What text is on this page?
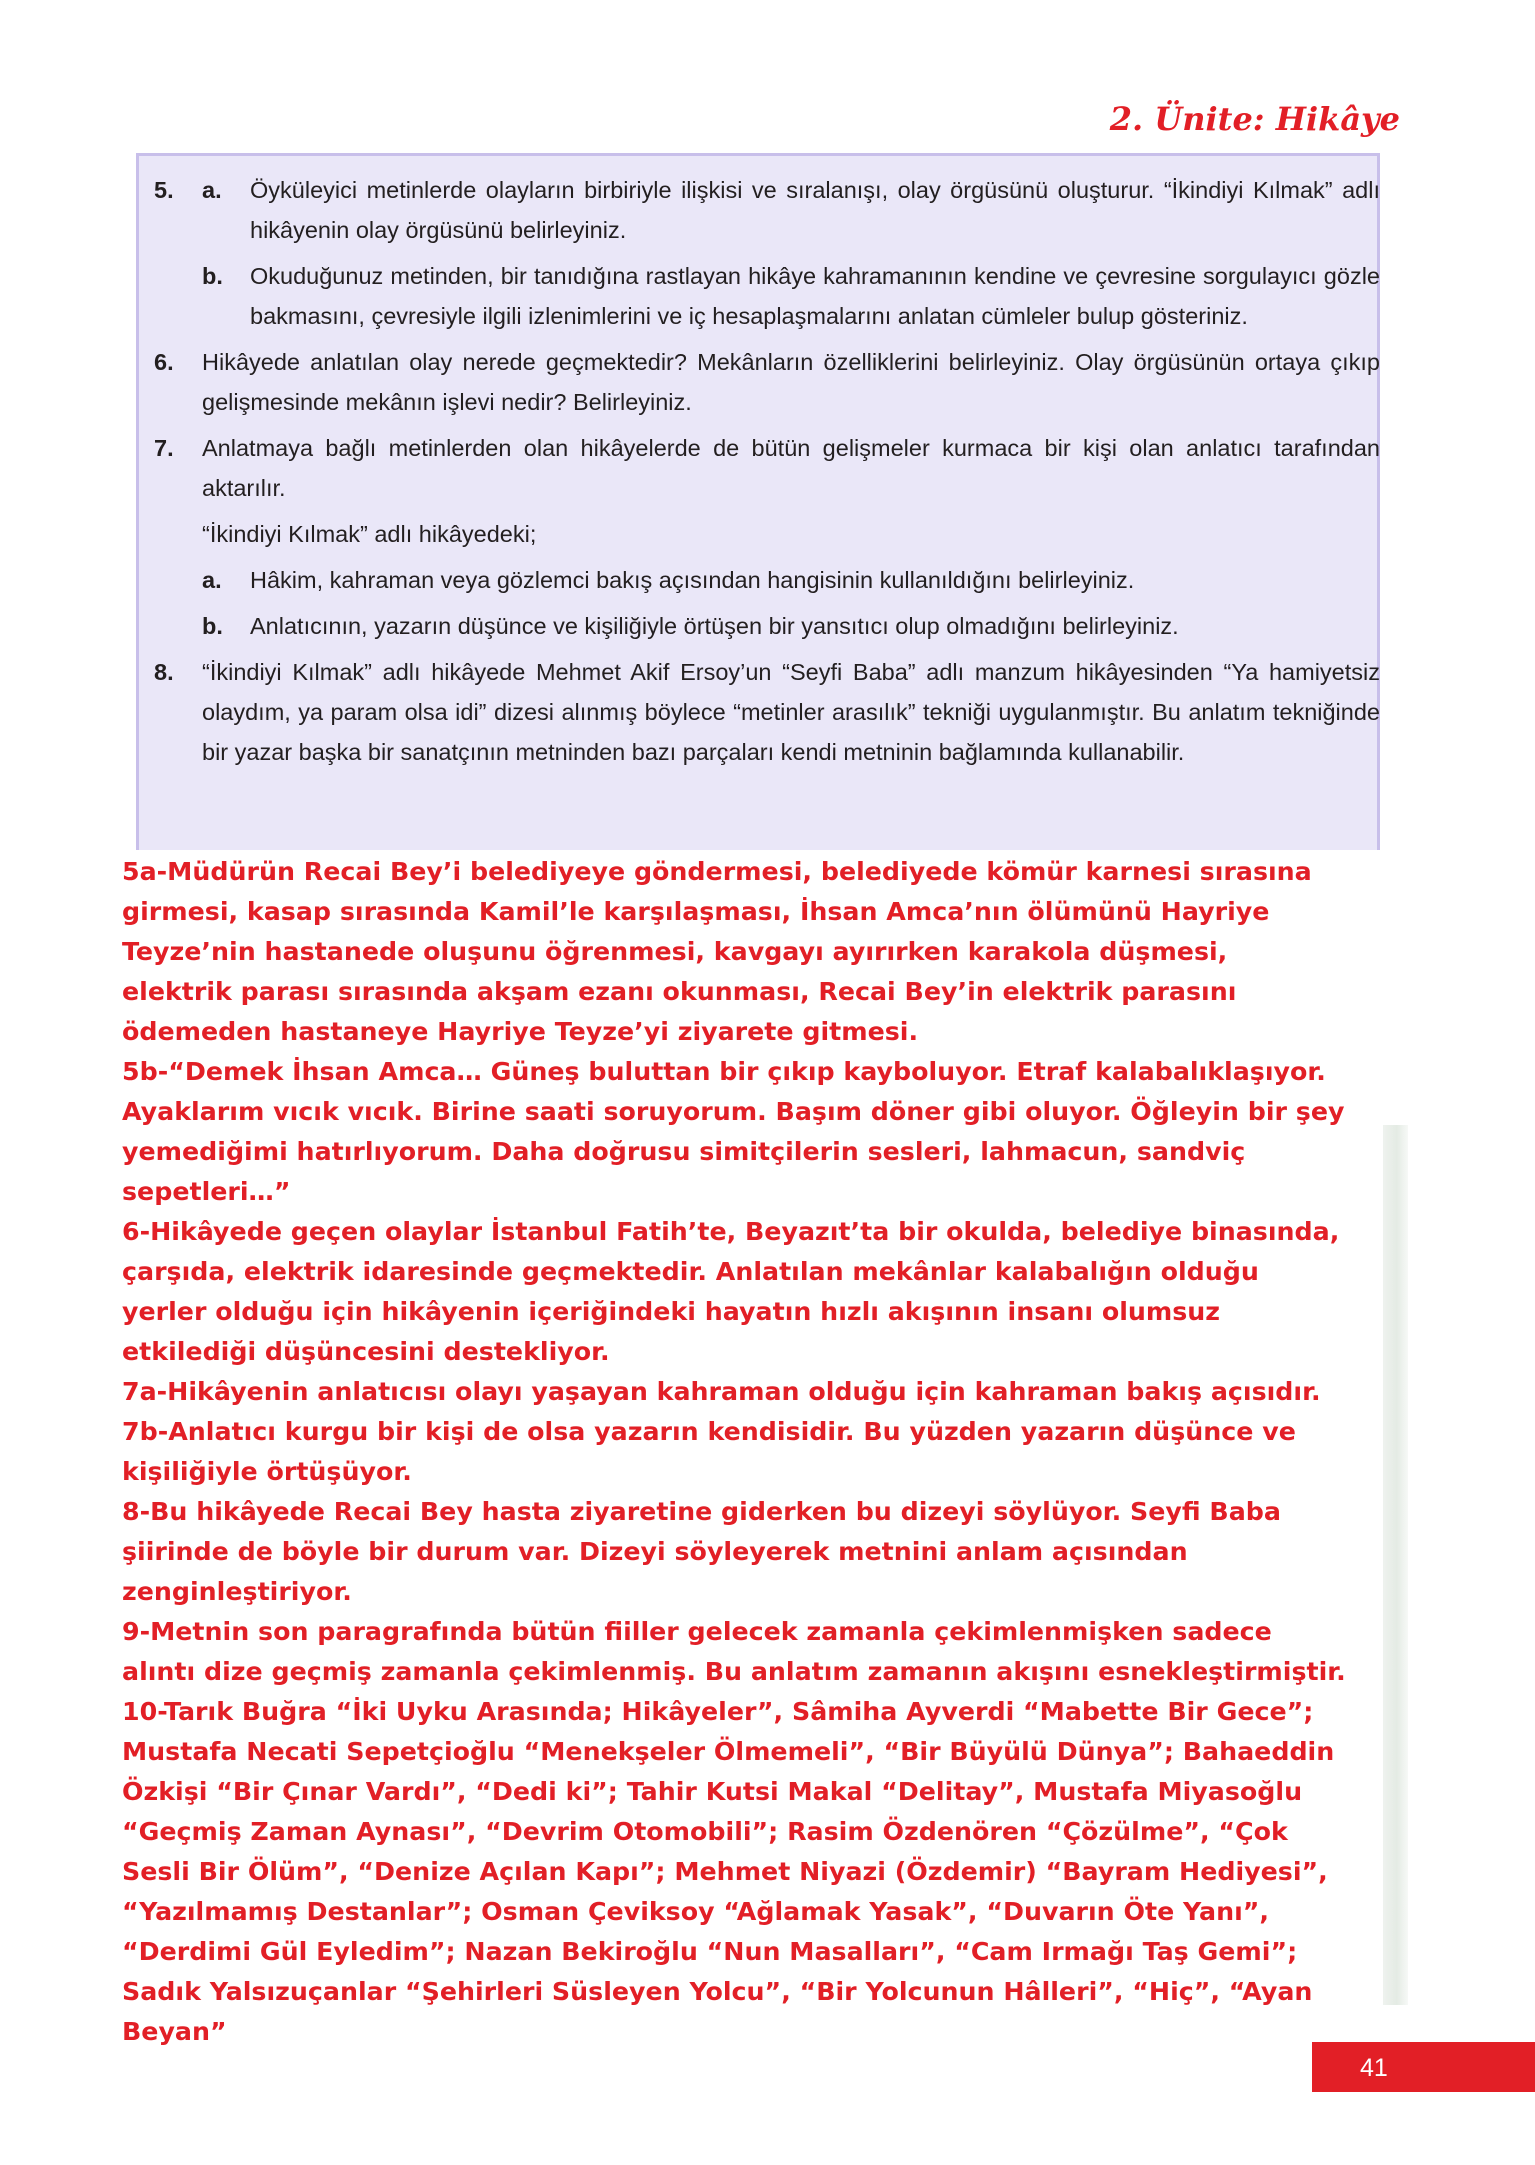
2. Ünite: Hikâye
5. a. Öyküleyici metinlerde olayların birbiriyle ilişkisi ve sıralanışı, olay örgüsünü oluşturur. “İkindiyi Kılmak” adlı hikâyenin olay örgüsünü belirleyiniz.
b. Okuduğunuz metinden, bir tanıdığına rastlayan hikâye kahramanının kendine ve çevresine sorgulayıcı gözle bakmasını, çevresiyle ilgili izlenimlerini ve iç hesaplaşmalarını anlatan cümleler bulup gösteriniz.
6. Hikâyede anlatılan olay nerede geçmektedir? Mekânların özelliklerini belirleyiniz. Olay örgüsünün ortaya çıkıp gelişmesinde mekânın işlevi nedir? Belirleyiniz.
7. Anlatmaya bağlı metinlerden olan hikâyelerde de bütün gelişmeler kurmaca bir kişi olan anlatıcı tarafından aktarılır.
“İkindiyi Kılmak” adlı hikâyedeki;
a. Hâkim, kahraman veya gözlemci bakış açısından hangisinin kullanıldığını belirleyiniz.
b. Anlatıcının, yazarın düşünce ve kişiliğiyle örtüşen bir yansıtıcı olup olmadığını belirleyiniz.
8. “İkindiyi Kılmak” adlı hikâyede Mehmet Akif Ersoy’un “Seyfi Baba” adlı manzum hikâyesinden “Ya hamiyetsiz olaydım, ya param olsa idi” dizesi alınmış böylece “metinler arasılık” tekniği uygulanmıştır. Bu anlatım tekniğinde bir yazar başka bir sanatçının metninden bazı parçaları kendi metninin bağlamında kullanabilir.
5a-Müdürün Recai Bey’i belediyeye göndermesi, belediyede kömür karnesi sırasına
girmesi, kasap sırasında Kamil’le karşılaşması, İhsan Amca’nın ölümünü Hayriye
Teyze’nin hastanede oluşunu öğrenmesi, kavgayı ayırırken karakola düşmesi,
elektrik parası sırasında akşam ezanı okunması, Recai Bey’in elektrik parasını
ödemeden hastaneye Hayriye Teyze’yi ziyarete gitmesi.
5b-“Demek İhsan Amca… Güneş buluttan bir çıkıp kayboluyor. Etraf kalabalıklaşıyor.
Ayaklarım vıcık vıcık. Birine saati soruyorum. Başım döner gibi oluyor. Öğleyin bir şey
yemediğimi hatırlıyorum. Daha doğrusu simitçilerin sesleri, lahmacun, sandviç
sepetleri…”
6-Hikâyede geçen olaylar İstanbul Fatih’te, Beyazıt’ta bir okulda, belediye binasında,
çarşıda, elektrik idaresinde geçmektedir. Anlatılan mekânlar kalabalığın olduğu
yerler olduğu için hikâyenin içeriğindeki hayatın hızlı akışının insanı olumsuz
etkilediği düşüncesini destekliyor.
7a-Hikâyenin anlatıcısı olayı yaşayan kahraman olduğu için kahraman bakış açısıdır.
7b-Anlatıcı kurgu bir kişi de olsa yazarın kendisidir. Bu yüzden yazarın düşünce ve
kişiliğiyle örtüşüyor.
8-Bu hikâyede Recai Bey hasta ziyaretine giderken bu dizeyi söylüyor. Seyfi Baba
şiirinde de böyle bir durum var. Dizeyi söyleyerek metnini anlam açısından
zenginleştiriyor.
9-Metnin son paragrafında bütün fiiller gelecek zamanla çekimlenmişken sadece
alıntı dize geçmiş zamanla çekimlenmiş. Bu anlatım zamanın akışını esnekleştirmiştir.
10-Tarık Buğra “İki Uyku Arasında; Hikâyeler”, Sâmiha Ayverdi “Mabette Bir Gece”;
Mustafa Necati Sepetçioğlu “Menekşeler Ölmemeli”, “Bir Büyülü Dünya”; Bahaeddin
Özkişi “Bir Çınar Vardı”, “Dedi ki”; Tahir Kutsi Makal “Delitay”, Mustafa Miyasoğlu
“Geçmiş Zaman Aynası”, “Devrim Otomobili”; Rasim Özdenören “Çözülme”, “Çok
Sesli Bir Ölüm”, “Denize Açılan Kapı”; Mehmet Niyazi (Özdemir) “Bayram Hediyesi”,
“Yazılmamış Destanlar”; Osman Çeviksoy “Ağlamak Yasak”, “Duvarın Öte Yanı”,
“Derdimi Gül Eyledim”; Nazan Bekiroğlu “Nun Masalları”, “Cam Irmağı Taş Gemi”;
Sadık Yalsızuçanlar “Şehirleri Süsleyen Yolcu”, “Bir Yolcunun Hâlleri”, “Hiç”, “Ayan
Beyan”
41
